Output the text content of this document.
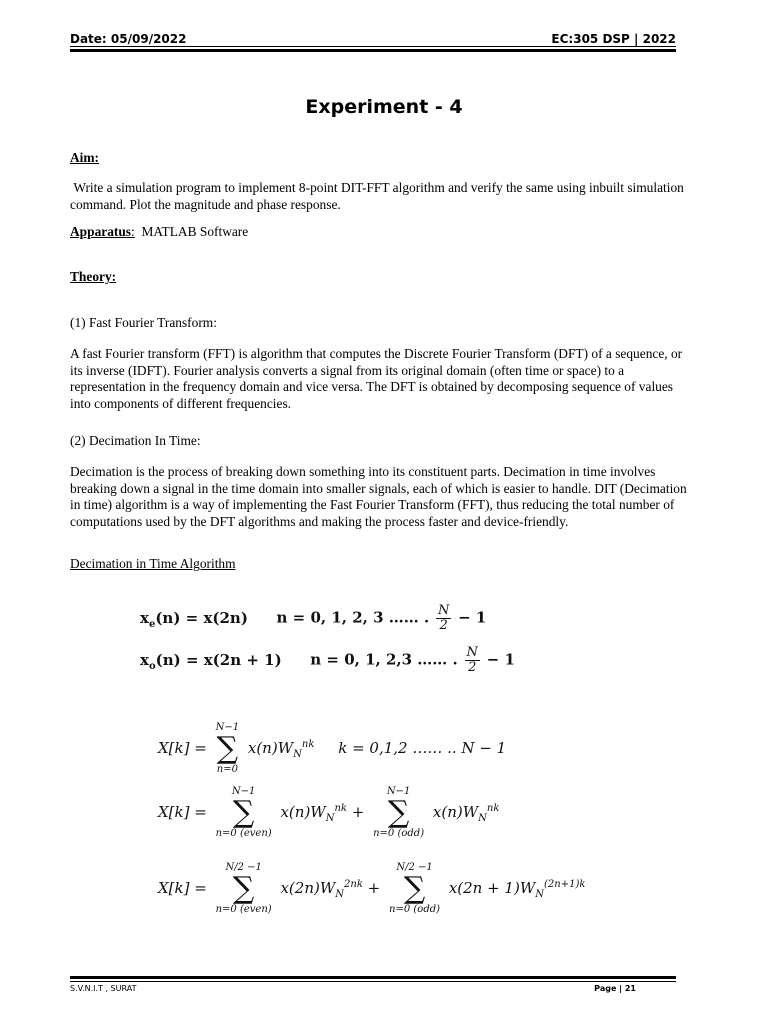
Date: 05/09/2022	EC:305 DSP | 2022
Experiment - 4
Aim:

Write a simulation program to implement 8-point DIT-FFT algorithm and verify the same using inbuilt simulation command. Plot the magnitude and phase response.

Apparatus: MATLAB Software
Theory:
(1) Fast Fourier Transform:

A fast Fourier transform (FFT) is algorithm that computes the Discrete Fourier Transform (DFT) of a sequence, or its inverse (IDFT). Fourier analysis converts a signal from its original domain (often time or space) to a representation in the frequency domain and vice versa. The DFT is obtained by decomposing sequence of values into components of different frequencies.

(2) Decimation In Time:

Decimation is the process of breaking down something into its constituent parts. Decimation in time involves breaking down a signal in the time domain into smaller signals, each of which is easier to handle. DIT (Decimation in time) algorithm is a way of implementing the Fast Fourier Transform (FFT), thus reducing the total number of computations used by the DFT algorithms and making the process faster and device-friendly.

Decimation in Time Algorithm
$x_e(n) = x(2n) n = 0$, 1, 2, 3 …… . $\frac{N}{2} - 1$
$x_o(n) = x(2n + 1) n = 0$, 1, 2,3 …… . $\frac{N}{2} - 1$
X[k] =
N−1
∑
n=0
$x(n)W_N^{nk}$ k = 0,1,2 …… .. N − 1
X[k] =
N−1
∑
n=0 (even)
$x(n)W_N^{nk}$ +
N−1
∑
n=0 (odd)
$x(n)W_N^{nk}$
X[k] =
N/2 −1
∑
n=0 (even)
$x(2n)W_N^{2nk}$ +
N/2 −1
∑
n=0 (odd)
$x(2n + 1)W_N^{(2n+1)k}$
S.V.N.I.T , SURAT	Page | 21
